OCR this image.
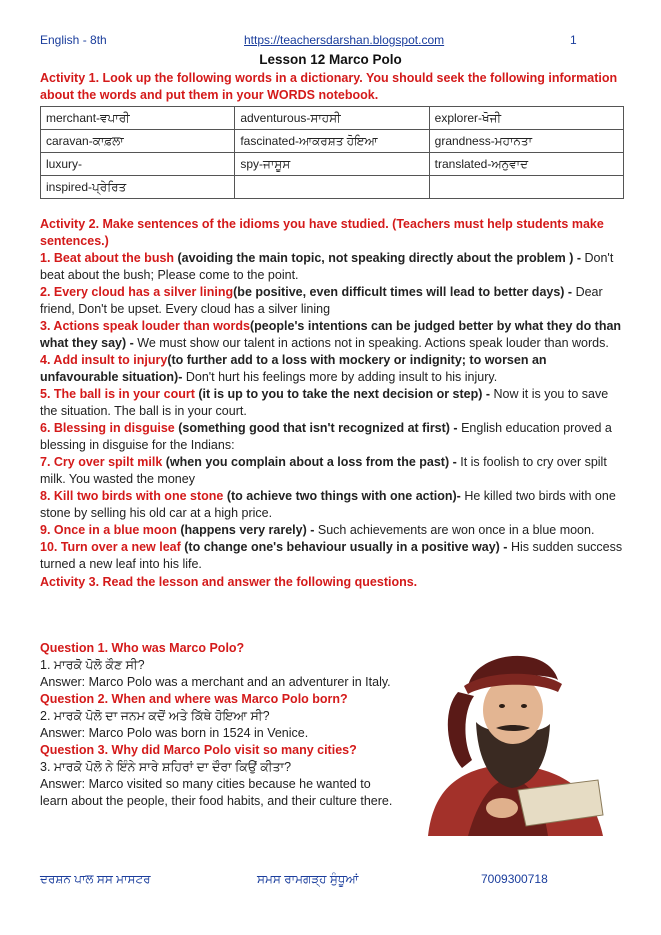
English - 8th	https://teachersdarshan.blogspot.com	1
Lesson 12 Marco Polo
Activity 1. Look up the following words in a dictionary. You should seek the following information about the words and put them in your WORDS notebook.
merchant-ਵਪਾਰੀ	adventurous-ਸਾਹਸੀ	explorer-ਖੋਜੀ
caravan-ਕਾਫ਼ਲਾ	fascinated-ਆਕਰਸ਼ਤ ਹੋਇਆ	grandness-ਮਹਾਨਤਾ
luxury-	spy-ਜਾਸੂਸ	translated-ਅਨੁਵਾਦ
inspired-ਪ੍ਰੇਰਿਤ		

Activity 2. Make sentences of the idioms you have studied. (Teachers must help students make sentences.)

1. Beat about the bush (avoiding the main topic, not speaking directly about the problem ) - Don't beat about the bush; Please come to the point.

2. Every cloud has a silver lining(be positive, even difficult times will lead to better days) - Dear friend, Don't be upset. Every cloud has a silver lining

3. Actions speak louder than words(people's intentions can be judged better by what they do than what they say) - We must show our talent in actions not in speaking. Actions speak louder than words.

4. Add insult to injury(to further add to a loss with mockery or indignity; to worsen an unfavourable situation)- Don't hurt his feelings more by adding insult to his injury.

5. The ball is in your court (it is up to you to take the next decision or step) - Now it is you to save the situation. The ball is in your court.

6. Blessing in disguise (something good that isn't recognized at first) - English education proved a blessing in disguise for the Indians:

7. Cry over spilt milk (when you complain about a loss from the past) - It is foolish to cry over spilt milk. You wasted the money

8. Kill two birds with one stone (to achieve two things with one action)- He killed two birds with one stone by selling his old car at a high price.

9. Once in a blue moon (happens very rarely) - Such achievements are won once in a blue moon.

10. Turn over a new leaf (to change one's behaviour usually in a positive way) - His sudden success turned a new leaf into his life.

Activity 3. Read the lesson and answer the following questions.

Question 1. Who was Marco Polo?

1. ਮਾਰਕੋ ਪੋਲੋ ਕੌਣ ਸੀ?

Answer: Marco Polo was a merchant and an adventurer in Italy.

Question 2. When and where was Marco Polo born?

2. ਮਾਰਕੋ ਪੋਲੋ ਦਾ ਜਨਮ ਕਦੋਂ ਅਤੇ ਕਿੱਥੇ ਹੋਇਆ ਸੀ?

Answer: Marco Polo was born in 1524 in Venice.

Question 3. Why did Marco Polo visit so many cities?

3. ਮਾਰਕੋ ਪੋਲੋ ਨੇ ਇੰਨੇ ਸਾਰੇ ਸ਼ਹਿਰਾਂ ਦਾ ਦੌਰਾ ਕਿਉਂ ਕੀਤਾ?

Answer: Marco visited so many cities because he wanted to learn about the people, their food habits, and their culture there.

ਦਰਸ਼ਨ ਪਾਲ ਸਸ ਮਾਸਟਰ	ਸਮਸ ਰਾਮਗੜ੍ਹ ਸੁੰਧੂਆਂ	7009300718
